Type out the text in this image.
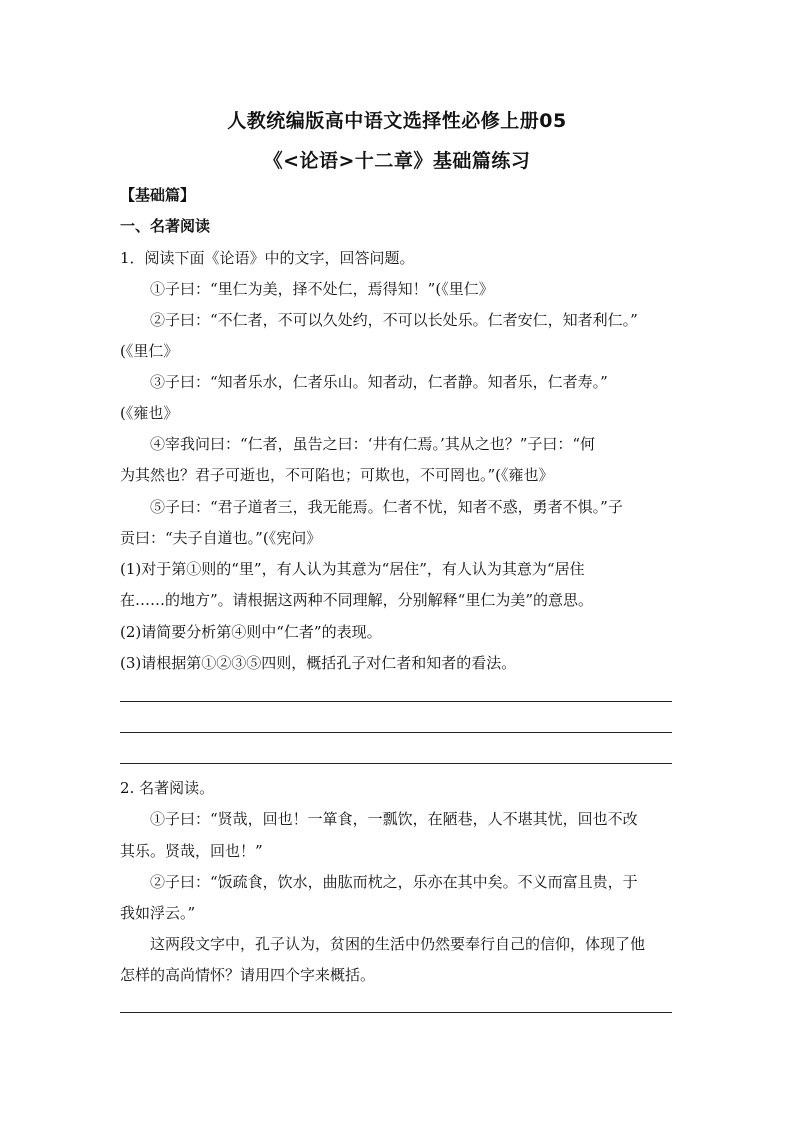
人教统编版高中语文选择性必修上册05
《<论语>十二章》基础篇练习
【基础篇】
一、名著阅读
1．阅读下面《论语》中的文字，回答问题。
①子曰：“里仁为美，择不处仁，焉得知！”(《里仁》
②子曰：“不仁者，不可以久处约，不可以长处乐。仁者安仁，知者利仁。”
(《里仁》
③子曰：“知者乐水，仁者乐山。知者动，仁者静。知者乐，仁者寿。”
(《雍也》
④宰我问曰：“仁者，虽告之曰：‘井有仁焉。’其从之也？”子曰：“何
为其然也？君子可逝也，不可陷也；可欺也，不可罔也。”(《雍也》
⑤子曰：“君子道者三，我无能焉。仁者不忧，知者不惑，勇者不惧。”子
贡曰：“夫子自道也。”(《宪问》
(1)对于第①则的“里”，有人认为其意为“居住”，有人认为其意为“居住
在……的地方”。请根据这两种不同理解，分别解释“里仁为美”的意思。
(2)请简要分析第④则中“仁者”的表现。
(3)请根据第①②③⑤四则，概括孔子对仁者和知者的看法。
2. 名著阅读。
①子曰：“贤哉，回也！一箪食，一瓢饮，在陋巷，人不堪其忧，回也不改
其乐。贤哉，回也！”
②子曰：“饭疏食，饮水，曲肱而枕之，乐亦在其中矣。不义而富且贵，于
我如浮云。”
这两段文字中，孔子认为，贫困的生活中仍然要奉行自己的信仰，体现了他
怎样的高尚情怀？请用四个字来概括。
